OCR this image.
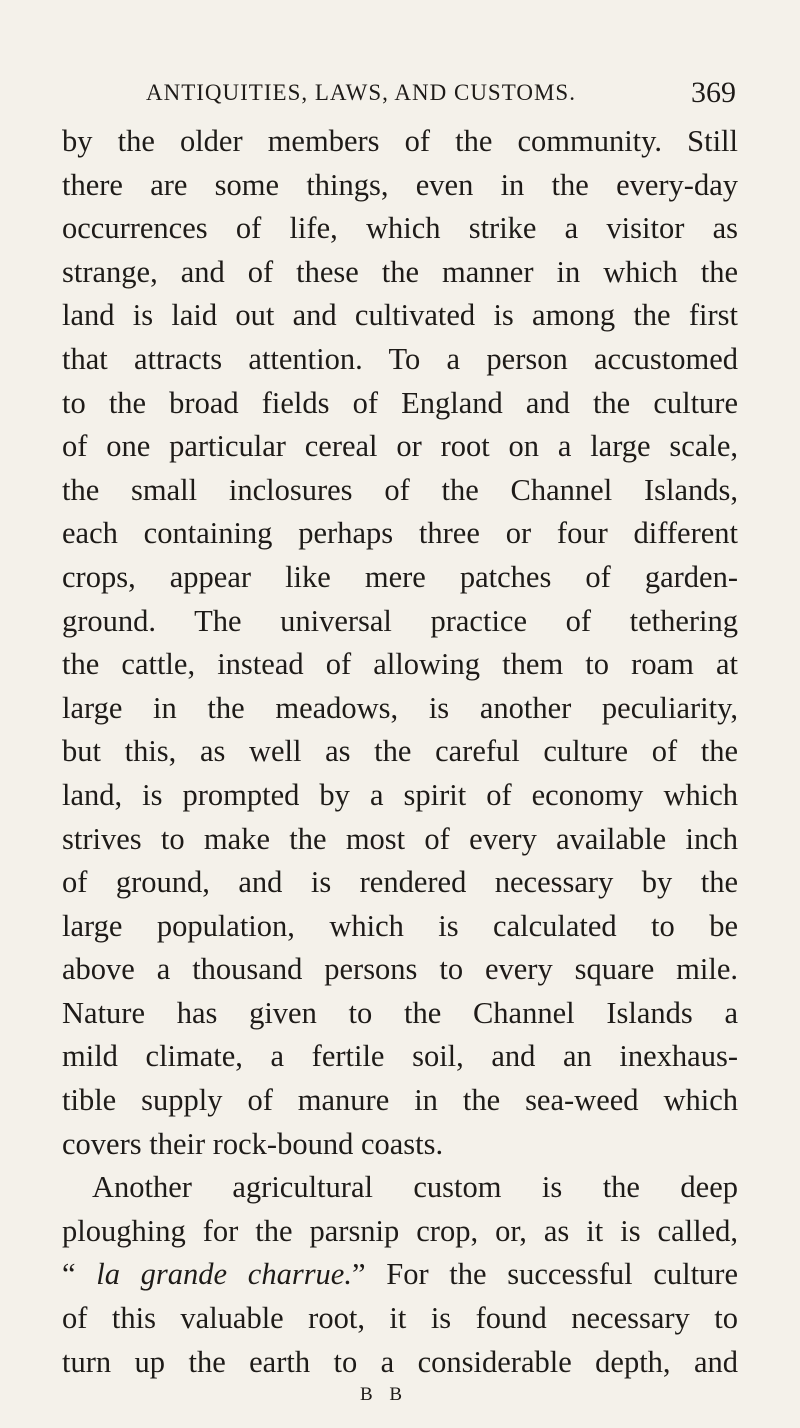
ANTIQUITIES, LAWS, AND CUSTOMS.	369

by the older members of the community. Still
there are some things, even in the every-day
occurrences of life, which strike a visitor as
strange, and of these the manner in which the
land is laid out and cultivated is among the first
that attracts attention. To a person accustomed
to the broad fields of England and the culture
of one particular cereal or root on a large scale,
the small inclosures of the Channel Islands,
each containing perhaps three or four different
crops, appear like mere patches of garden-
ground. The universal practice of tethering
the cattle, instead of allowing them to roam at
large in the meadows, is another peculiarity,
but this, as well as the careful culture of the
land, is prompted by a spirit of economy which
strives to make the most of every available inch
of ground, and is rendered necessary by the
large population, which is calculated to be
above a thousand persons to every square mile.
Nature has given to the Channel Islands a
mild climate, a fertile soil, and an inexhaus-
tible supply of manure in the sea-weed which
covers their rock-bound coasts.

Another agricultural custom is the deep
ploughing for the parsnip crop, or, as it is called,
“ la grande charrue.” For the successful culture
of this valuable root, it is found necessary to
turn up the earth to a considerable depth, and

B B
